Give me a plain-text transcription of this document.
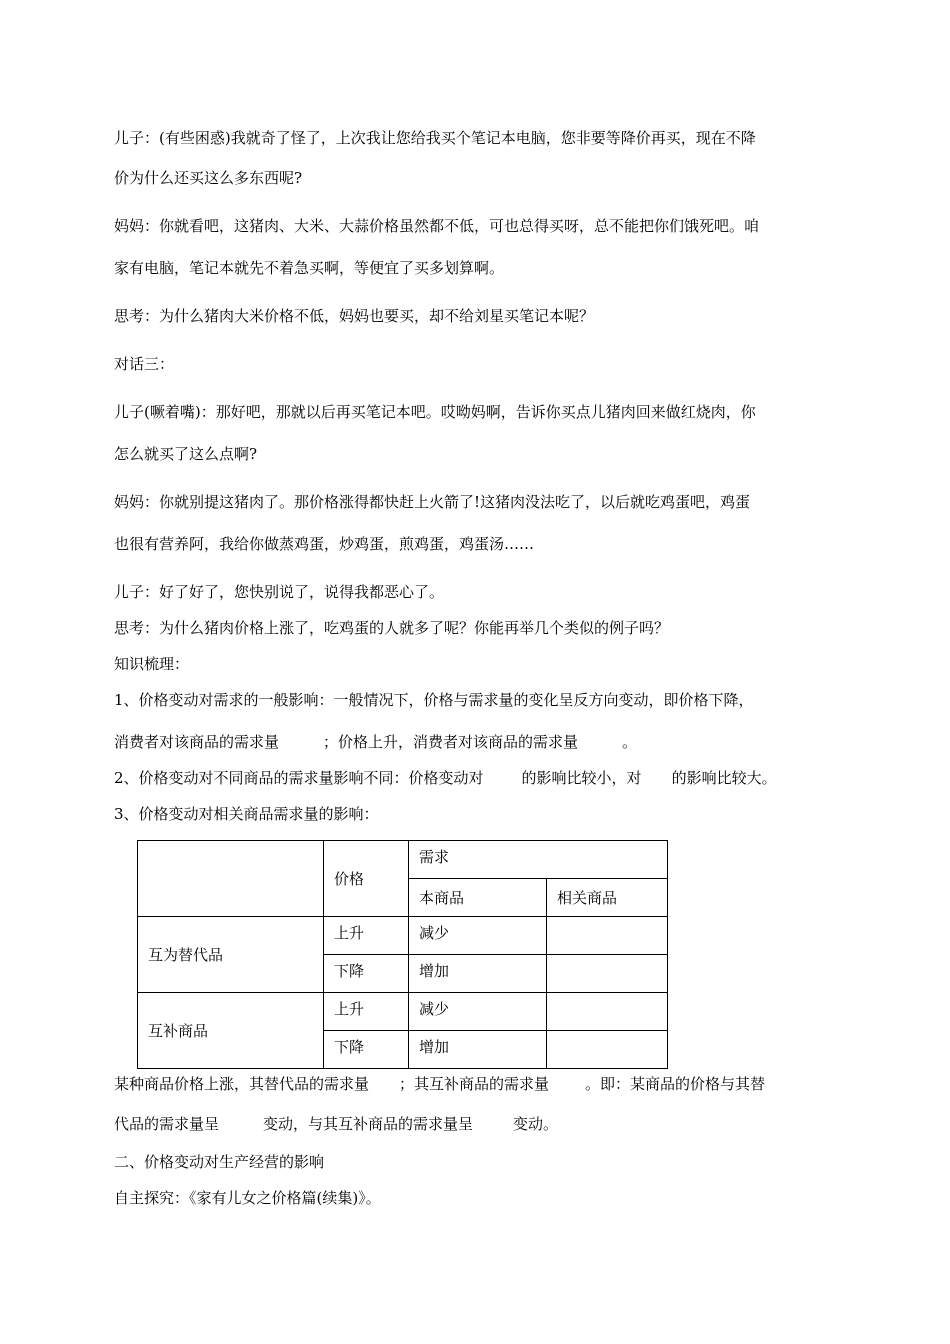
儿子：(有些困惑)我就奇了怪了，上次我让您给我买个笔记本电脑，您非要等降价再买，现在不降
价为什么还买这么多东西呢?
妈妈：你就看吧，这猪肉、大米、大蒜价格虽然都不低，可也总得买呀，总不能把你们饿死吧。咱
家有电脑，笔记本就先不着急买啊，等便宜了买多划算啊。
思考：为什么猪肉大米价格不低，妈妈也要买，却不给刘星买笔记本呢？
对话三：
儿子(噘着嘴)：那好吧，那就以后再买笔记本吧。哎呦妈啊，告诉你买点儿猪肉回来做红烧肉，你
怎么就买了这么点啊?
妈妈：你就别提这猪肉了。那价格涨得都快赶上火箭了!这猪肉没法吃了，以后就吃鸡蛋吧，鸡蛋
也很有营养阿，我给你做蒸鸡蛋，炒鸡蛋，煎鸡蛋，鸡蛋汤……
儿子：好了好了，您快别说了，说得我都恶心了。
思考：为什么猪肉价格上涨了，吃鸡蛋的人就多了呢？你能再举几个类似的例子吗？
知识梳理：
1、价格变动对需求的一般影响：一般情况下，价格与需求量的变化呈反方向变动，即价格下降，
消费者对该商品的需求量	；价格上升，消费者对该商品的需求量	。
2、价格变动对不同商品的需求量影响不同：价格变动对	的影响比较小，对 的影响比较大。
3、价格变动对相关商品需求量的影响：
	价格	需求	
		本商品	相关商品
互为替代品	上升	减少	
	下降	增加	
互补商品	上升	减少	
	下降	增加	
某种商品价格上涨，其替代品的需求量 ；其互补商品的需求量 。即：某商品的价格与其替
代品的需求量呈	变动，与其互补商品的需求量呈	变动。
二、价格变动对生产经营的影响
自主探究：《家有儿女之价格篇(续集)》。
